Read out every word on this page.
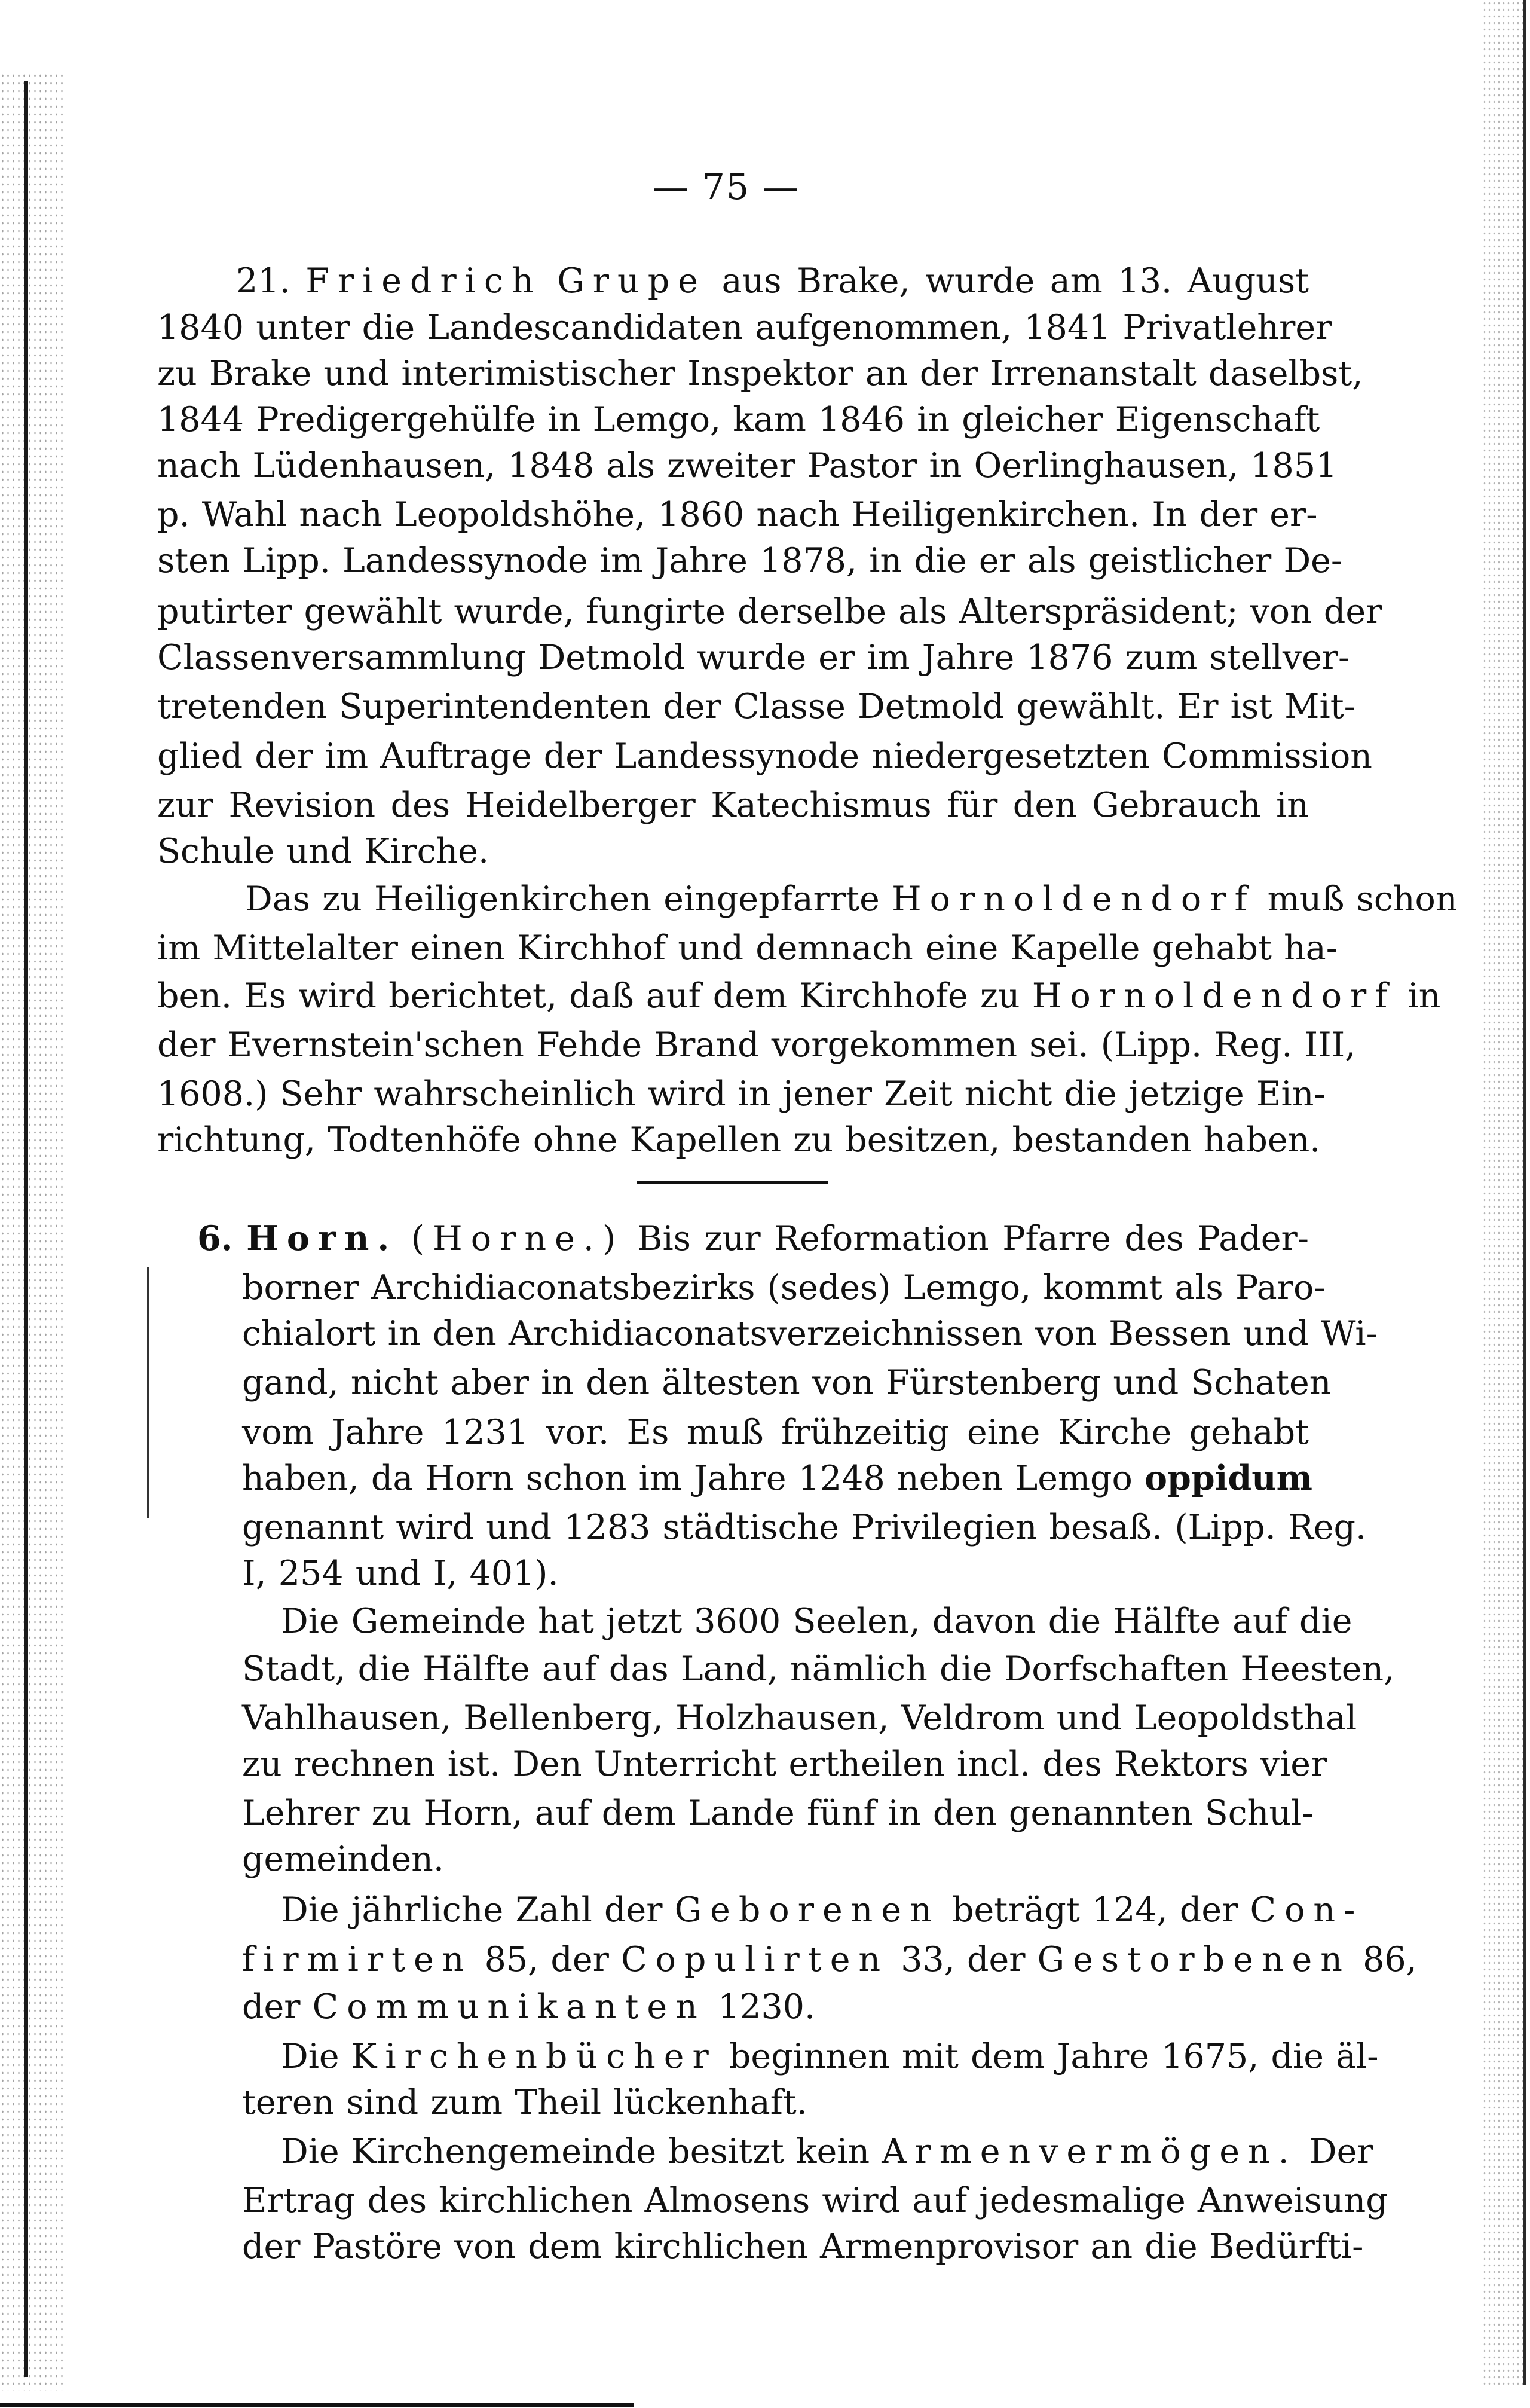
— 75 —
21. Friedrich Grupe aus Brake, wurde am 13. August
1840 unter die Landescandidaten aufgenommen, 1841 Privatlehrer
zu Brake und interimistischer Inspektor an der Irrenanstalt daselbst,
1844 Predigergehülfe in Lemgo, kam 1846 in gleicher Eigenschaft
nach Lüdenhausen, 1848 als zweiter Pastor in Oerlinghausen, 1851
p. Wahl nach Leopoldshöhe, 1860 nach Heiligenkirchen. In der er-
sten Lipp. Landessynode im Jahre 1878, in die er als geistlicher De-
putirter gewählt wurde, fungirte derselbe als Alterspräsident; von der
Classenversammlung Detmold wurde er im Jahre 1876 zum stellver-
tretenden Superintendenten der Classe Detmold gewählt. Er ist Mit-
glied der im Auftrage der Landessynode niedergesetzten Commission
zur Revision des Heidelberger Katechismus für den Gebrauch in
Schule und Kirche.
Das zu Heiligenkirchen eingepfarrte Hornoldendorf muß schon
im Mittelalter einen Kirchhof und demnach eine Kapelle gehabt ha-
ben. Es wird berichtet, daß auf dem Kirchhofe zu Hornoldendorf in
der Evernstein'schen Fehde Brand vorgekommen sei. (Lipp. Reg. III,
1608.) Sehr wahrscheinlich wird in jener Zeit nicht die jetzige Ein-
richtung, Todtenhöfe ohne Kapellen zu besitzen, bestanden haben.
6. Horn. (Horne.) Bis zur Reformation Pfarre des Pader-
borner Archidiaconatsbezirks (sedes) Lemgo, kommt als Paro-
chialort in den Archidiaconatsverzeichnissen von Bessen und Wi-
gand, nicht aber in den ältesten von Fürstenberg und Schaten
vom Jahre 1231 vor. Es muß frühzeitig eine Kirche gehabt
haben, da Horn schon im Jahre 1248 neben Lemgo oppidum
genannt wird und 1283 städtische Privilegien besaß. (Lipp. Reg.
I, 254 und I, 401).
Die Gemeinde hat jetzt 3600 Seelen, davon die Hälfte auf die
Stadt, die Hälfte auf das Land, nämlich die Dorfschaften Heesten,
Vahlhausen, Bellenberg, Holzhausen, Veldrom und Leopoldsthal
zu rechnen ist. Den Unterricht ertheilen incl. des Rektors vier
Lehrer zu Horn, auf dem Lande fünf in den genannten Schul-
gemeinden.
Die jährliche Zahl der Geborenen beträgt 124, der Con-
firmirten 85, der Copulirten 33, der Gestorbenen 86,
der Communikanten 1230.
Die Kirchenbücher beginnen mit dem Jahre 1675, die äl-
teren sind zum Theil lückenhaft.
Die Kirchengemeinde besitzt kein Armenvermögen. Der
Ertrag des kirchlichen Almosens wird auf jedesmalige Anweisung
der Pastöre von dem kirchlichen Armenprovisor an die Bedürfti-
